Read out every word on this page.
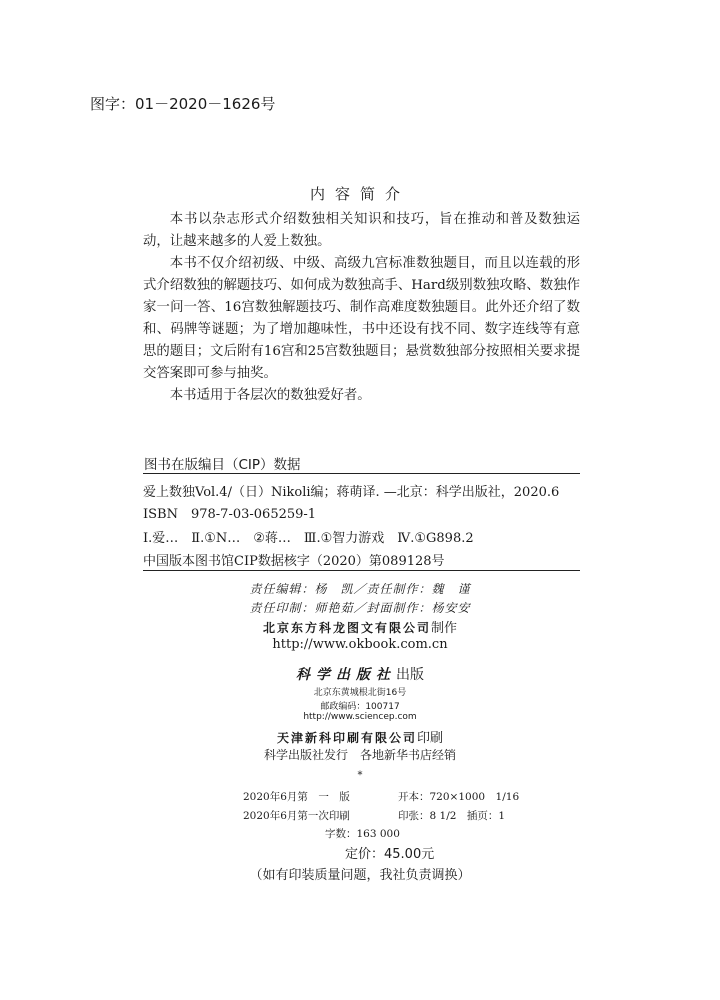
图字：01－2020－1626号
内容简介

本书以杂志形式介绍数独相关知识和技巧，旨在推动和普及数独运动，让越来越多的人爱上数独。

本书不仅介绍初级、中级、高级九宫标准数独题目，而且以连载的形式介绍数独的解题技巧、如何成为数独高手、Hard级别数独攻略、数独作家一问一答、16宫数独解题技巧、制作高难度数独题目。此外还介绍了数和、码牌等谜题；为了增加趣味性，书中还设有找不同、数字连线等有意思的题目；文后附有16宫和25宫数独题目；悬赏数独部分按照相关要求提交答案即可参与抽奖。

本书适用于各层次的数独爱好者。

图书在版编目（CIP）数据
爱上数独Vol.4/（日）Nikoli编；蒋萌译. —北京：科学出版社，2020.6
ISBN　978-7-03-065259-1
Ⅰ.爱…　Ⅱ.①N…　②蒋…　Ⅲ.①智力游戏　Ⅳ.①G898.2
中国版本图书馆CIP数据核字（2020）第089128号
责任编辑：杨　凯／责任制作：魏　谨
责任印制：师艳茹／封面制作：杨安安
北京东方科龙图文有限公司制作
http://www.okbook.com.cn
科学出版社出版
北京东黄城根北街16号
邮政编码：100717
http://www.sciencep.com
天津新科印刷有限公司印刷
科学出版社发行　各地新华书店经销
*
2020年6月第　一　版	开本：720×1000　1/16
2020年6月第一次印刷	印张：8 1/2　插页：1
字数：163 000
定价：45.00元
（如有印装质量问题，我社负责调换）
